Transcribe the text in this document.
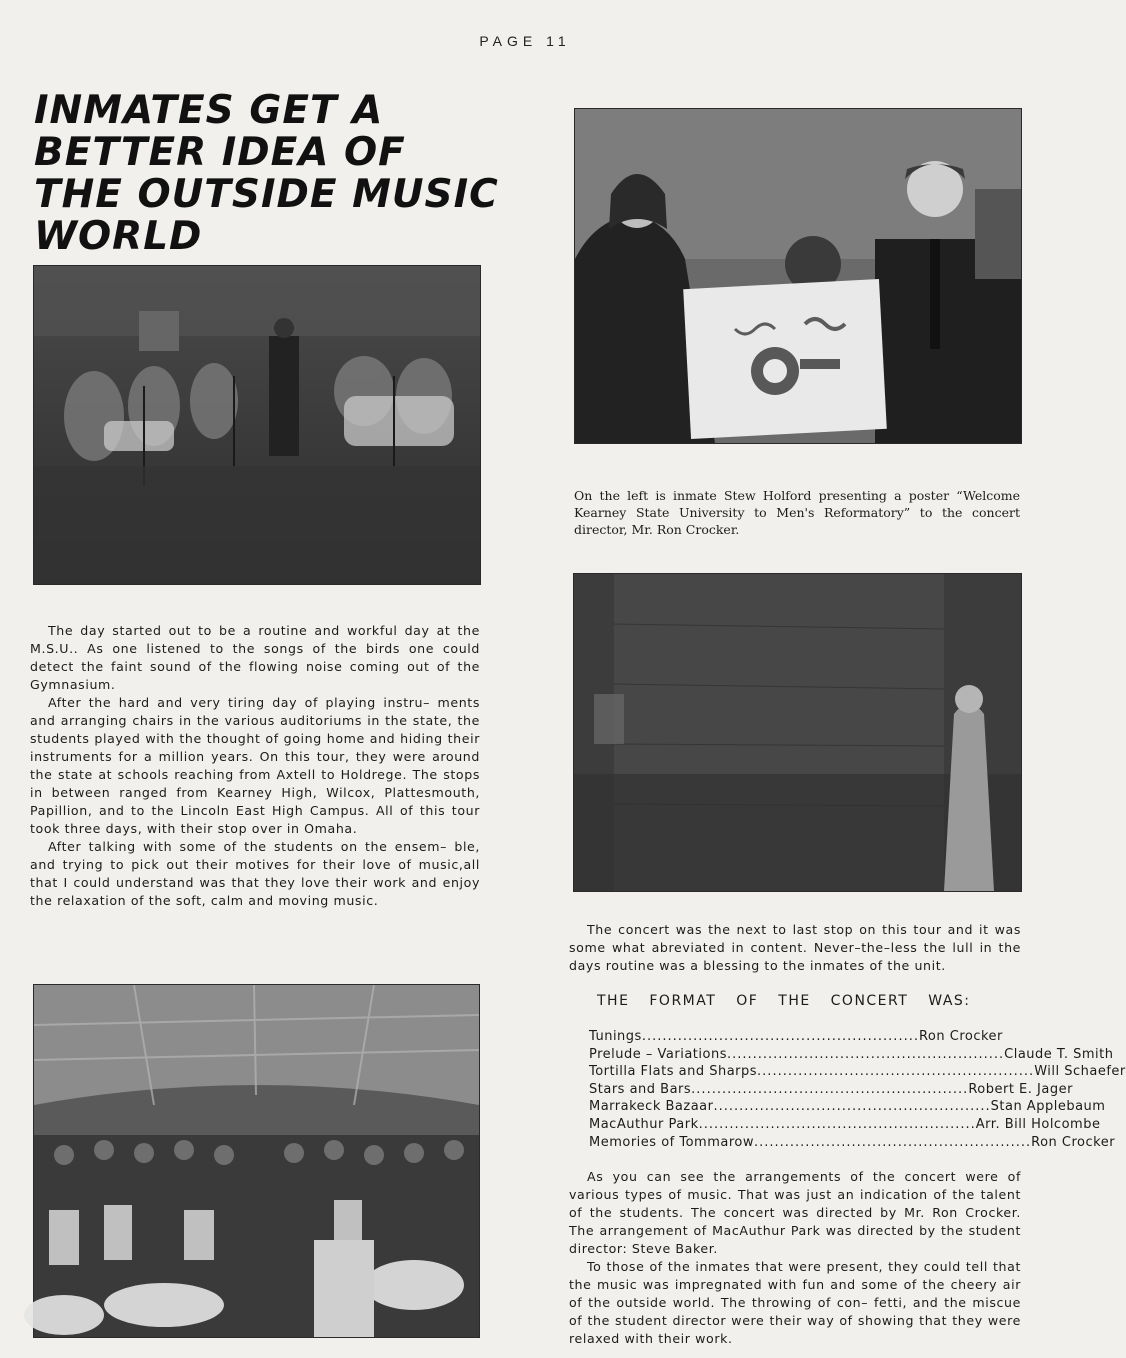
PAGE 11
INMATES GET A BETTER IDEA OF THE OUTSIDE MUSIC WORLD

On the left is inmate Stew Holford presenting a poster “Welcome Kearney State University to Men's Reformatory” to the concert director, Mr. Ron Crocker.

The day started out to be a routine and workful day at the M.S.U.. As one listened to the songs of the birds one could detect the faint sound of the flowing noise coming out of the Gymnasium.

After the hard and very tiring day of playing instru– ments and arranging chairs in the various auditoriums in the state, the students played with the thought of going home and hiding their instruments for a million years. On this tour, they were around the state at schools reaching from Axtell to Holdrege. The stops in between ranged from Kearney High, Wilcox, Plattesmouth, Papillion, and to the Lincoln East High Campus. All of this tour took three days, with their stop over in Omaha.

After talking with some of the students on the ensem– ble, and trying to pick out their motives for their love of music,all that I could understand was that they love their work and enjoy the relaxation of the soft, calm and moving music.

The concert was the next to last stop on this tour and it was some what abreviated in content. Never–the–less the lull in the days routine was a blessing to the inmates of the unit.

THE FORMAT OF THE CONCERT WAS:
Tunings ...................................................... Ron Crocker
Prelude – Variations ...................................................... Claude T. Smith
Tortilla Flats and Sharps ...................................................... Will Schaefer
Stars and Bars ...................................................... Robert E. Jager
Marrakeck Bazaar ...................................................... Stan Applebaum
MacAuthur Park ...................................................... Arr. Bill Holcombe
Memories of Tommarow ...................................................... Ron Crocker

As you can see the arrangements of the concert were of various types of music. That was just an indication of the talent of the students. The concert was directed by Mr. Ron Crocker. The arrangement of MacAuthur Park was directed by the student director: Steve Baker.

To those of the inmates that were present, they could tell that the music was impregnated with fun and some of the cheery air of the outside world. The throwing of con– fetti, and the miscue of the student director were their way of showing that they were relaxed with their work.
